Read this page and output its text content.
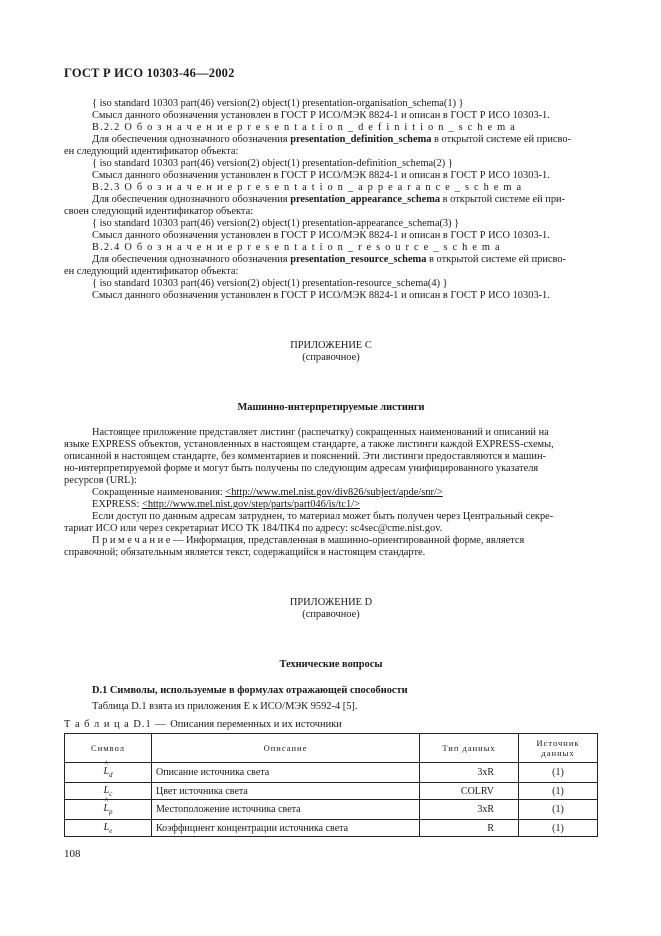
ГОСТ Р ИСО 10303-46—2002
{ iso standard 10303 part(46) version(2) object(1) presentation-organisation_schema(1) }
Смысл данного обозначения установлен в ГОСТ Р ИСО/МЭК 8824-1 и описан в ГОСТ Р ИСО 10303-1.
В.2.2 О б о з н а ч е н и е p r e s e n t a t i o n _ d e f i n i t i o n _ s c h e m a
Для обеспечения однозначного обозначения presentation_definition_schema в открытой системе ей присво-
ен следующий идентификатор объекта:
{ iso standard 10303 part(46) version(2) object(1) presentation-definition_schema(2) }
Смысл данного обозначения установлен в ГОСТ Р ИСО/МЭК 8824-1 и описан в ГОСТ Р ИСО 10303-1.
В.2.3 О б о з н а ч е н и е p r e s e n t a t i o n _ a p p e a r a n c e _ s c h e m a
Для обеспечения однозначного обозначения presentation_appearance_schema в открытой системе ей при-
своен следующий идентификатор объекта:
{ iso standard 10303 part(46) version(2) object(1) presentation-appearance_schema(3) }
Смысл данного обозначения установлен в ГОСТ Р ИСО/МЭК 8824-1 и описан в ГОСТ Р ИСО 10303-1.
В.2.4 О б о з н а ч е н и е p r e s e n t a t i o n _ r e s o u r c e _ s c h e m a
Для обеспечения однозначного обозначения presentation_resource_schema в открытой системе ей присво-
ен следующий идентификатор объекта:
{ iso standard 10303 part(46) version(2) object(1) presentation-resource_schema(4) }
Смысл данного обозначения установлен в ГОСТ Р ИСО/МЭК 8824-1 и описан в ГОСТ Р ИСО 10303-1.
ПРИЛОЖЕНИЕ С
(справочное)
Машинно-интерпретируемые листинги
Настоящее приложение представляет листинг (распечатку) сокращенных наименований и описаний на
языке EXPRESS объектов, установленных в настоящем стандарте, а также листинги каждой EXPRESS-схемы,
описанной в настоящем стандарте, без комментариев и пояснений. Эти листинги предоставляются в машин-
но-интерпретируемой форме и могут быть получены по следующим адресам унифицированного указателя
ресурсов (URL):
Сокращенные наименования: <http://www.mel.nist.gov/div826/subject/apde/snr/>
EXPRESS: <http://www.mel.nist.gov/step/parts/part046/is/tc1/>
Если доступ по данным адресам затруднен, то материал может быть получен через Центральный секре-
тариат ИСО или через секретариат ИСО ТК 184/ПК4 по адресу: sc4sec@cme.nist.gov.
П р и м е ч а н и е — Информация, представленная в машинно-ориентированной форме, является
справочной; обязательным является текст, содержащийся в настоящем стандарте.
ПРИЛОЖЕНИЕ D
(справочное)
Технические вопросы
D.1 Символы, используемые в формулах отражающей способности
Таблица D.1 взята из приложения Е к ИСО/МЭК 9592-4 [5].
Т а б л и ц а D.1 — Описания переменных и их источники
Символ	Описание	Тип данных	Источник данных
^ $L_d$	Описание источника света	3xR	(1)
$L_c$	Цвет источника света	COLRV	(1)
^ $L_p$	Местоположение источника света	3xR	(1)
$L_e$	Коэффициент концентрации источника света	R	(1)
108
